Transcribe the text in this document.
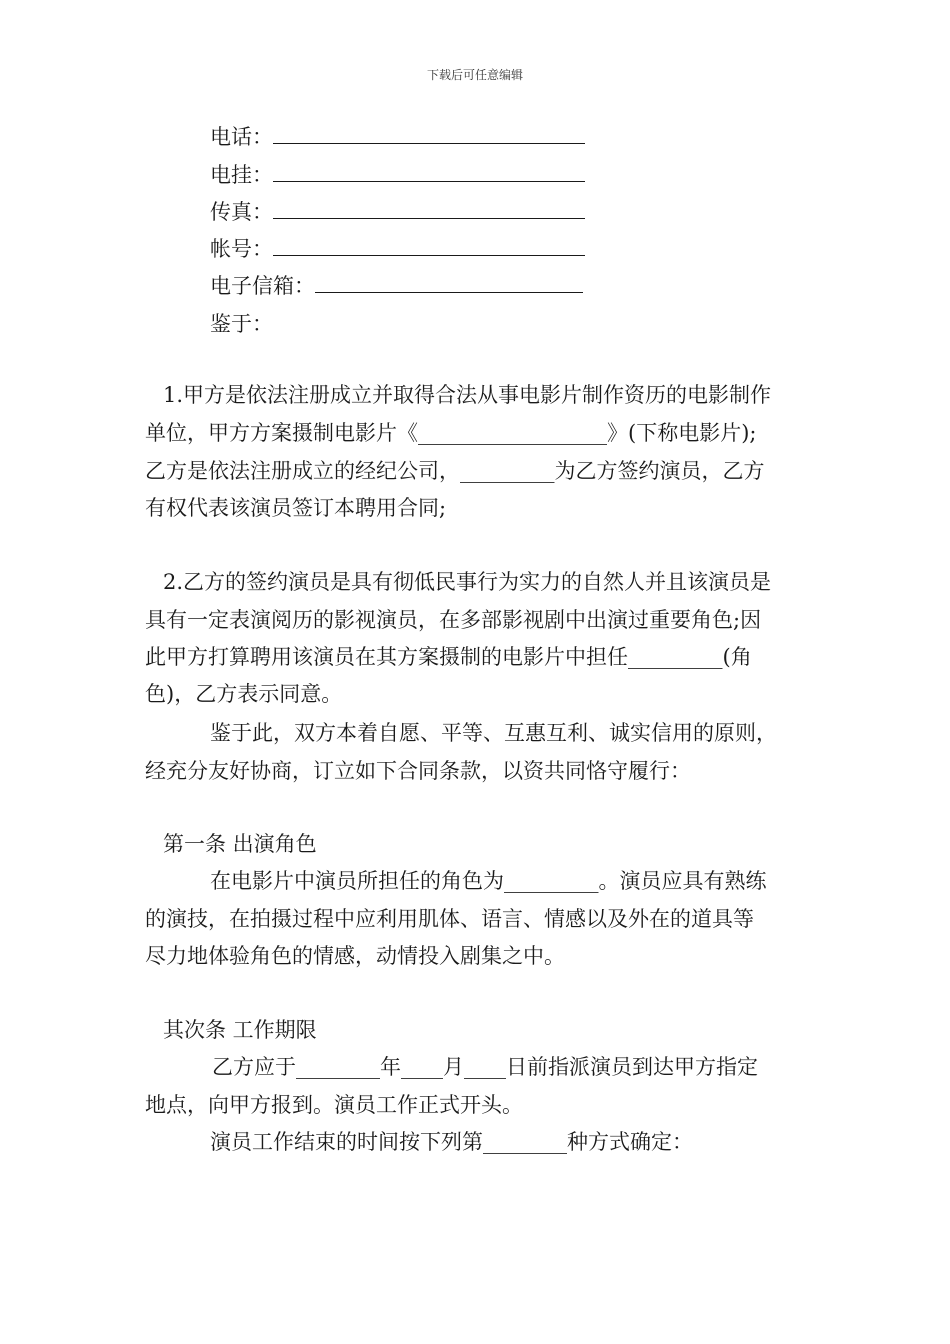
下载后可任意编辑
电话：
电挂：
传真：
帐号：
电子信箱：
鉴于：
1.甲方是依法注册成立并取得合法从事电影片制作资历的电影制作
单位，甲方方案摄制电影片《__________________》(下称电影片);
乙方是依法注册成立的经纪公司，_________为乙方签约演员，乙方
有权代表该演员签订本聘用合同;
2.乙方的签约演员是具有彻低民事行为实力的自然人并且该演员是
具有一定表演阅历的影视演员，在多部影视剧中出演过重要角色;因
此甲方打算聘用该演员在其方案摄制的电影片中担任_________(角
色)，乙方表示同意。
鉴于此，双方本着自愿、平等、互惠互利、诚实信用的原则，
经充分友好协商，订立如下合同条款，以资共同恪守履行：
第一条 出演角色
在电影片中演员所担任的角色为_________。演员应具有熟练
的演技，在拍摄过程中应利用肌体、语言、情感以及外在的道具等
尽力地体验角色的情感，动情投入剧集之中。
其次条 工作期限
乙方应于________年____月____日前指派演员到达甲方指定
地点，向甲方报到。演员工作正式开头。
演员工作结束的时间按下列第________种方式确定：
